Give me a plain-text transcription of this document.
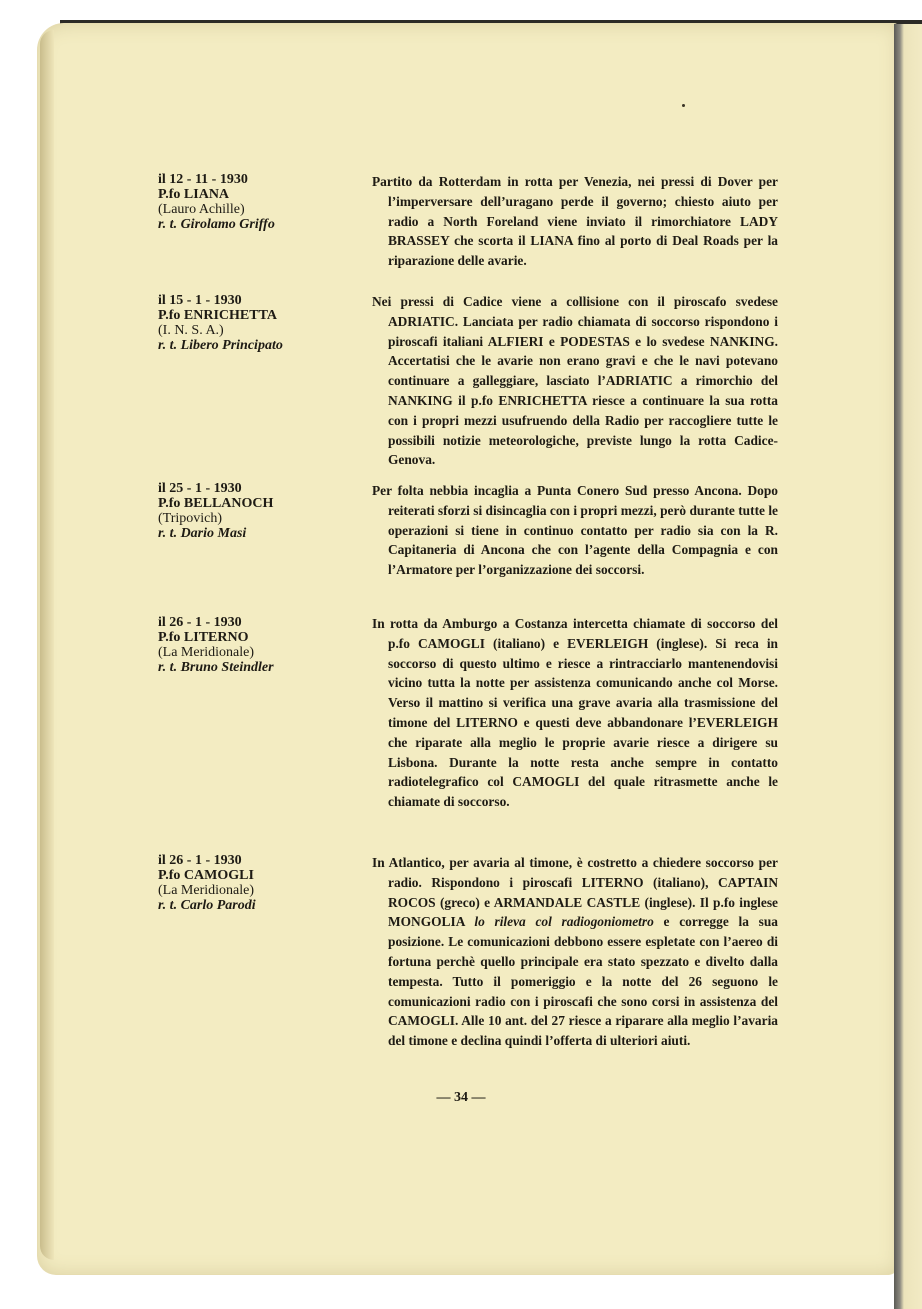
il 12 - 11 - 1930
P.fo LIANA
(Lauro Achille)
r. t. Girolamo Griffo

Partito da Rotterdam in rotta per Venezia, nei pressi di Dover per l’imperversare dell’uragano perde il governo; chiesto aiuto per radio a North Foreland viene inviato il rimorchiatore LADY BRASSEY che scorta il LIANA fino al porto di Deal Roads per la riparazione delle avarie.

il 15 - 1 - 1930
P.fo ENRICHETTA
(I. N. S. A.)
r. t. Libero Principato

Nei pressi di Cadice viene a collisione con il piroscafo svedese ADRIATIC. Lanciata per radio chiamata di soccorso rispondono i piroscafi italiani ALFIERI e PODESTAS e lo svedese NANKING. Accertatisi che le avarie non erano gravi e che le navi potevano continuare a galleggiare, lasciato l’ADRIATIC a rimorchio del NANKING il p.fo ENRICHETTA riesce a continuare la sua rotta con i propri mezzi usufruendo della Radio per raccogliere tutte le possibili notizie meteorologiche, previste lungo la rotta Cadice-Genova.

il 25 - 1 - 1930
P.fo BELLANOCH
(Tripovich)
r. t. Dario Masi

Per folta nebbia incaglia a Punta Conero Sud presso Ancona. Dopo reiterati sforzi si disincaglia con i propri mezzi, però durante tutte le operazioni si tiene in continuo contatto per radio sia con la R. Capitaneria di Ancona che con l’agente della Compagnia e con l’Armatore per l’organizzazione dei soccorsi.

il 26 - 1 - 1930
P.fo LITERNO
(La Meridionale)
r. t. Bruno Steindler

In rotta da Amburgo a Costanza intercetta chiamate di soccorso del p.fo CAMOGLI (italiano) e EVERLEIGH (inglese). Si reca in soccorso di questo ultimo e riesce a rintracciarlo mantenendovisi vicino tutta la notte per assistenza comunicando anche col Morse. Verso il mattino si verifica una grave avaria alla trasmissione del timone del LITERNO e questi deve abbandonare l’EVERLEIGH che riparate alla meglio le proprie avarie riesce a dirigere su Lisbona. Durante la notte resta anche sempre in contatto radiotelegrafico col CAMOGLI del quale ritrasmette anche le chiamate di soccorso.

il 26 - 1 - 1930
P.fo CAMOGLI
(La Meridionale)
r. t. Carlo Parodi

In Atlantico, per avaria al timone, è costretto a chiedere soccorso per radio. Rispondono i piroscafi LITERNO (italiano), CAPTAIN ROCOS (greco) e ARMANDALE CASTLE (inglese). Il p.fo inglese MONGOLIA lo rileva col radiogoniometro e corregge la sua posizione. Le comunicazioni debbono essere espletate con l’aereo di fortuna perchè quello principale era stato spezzato e divelto dalla tempesta. Tutto il pomeriggio e la notte del 26 seguono le comunicazioni radio con i piroscafi che sono corsi in assistenza del CAMOGLI. Alle 10 ant. del 27 riesce a riparare alla meglio l’avaria del timone e declina quindi l’offerta di ulteriori aiuti.

— 34 —
